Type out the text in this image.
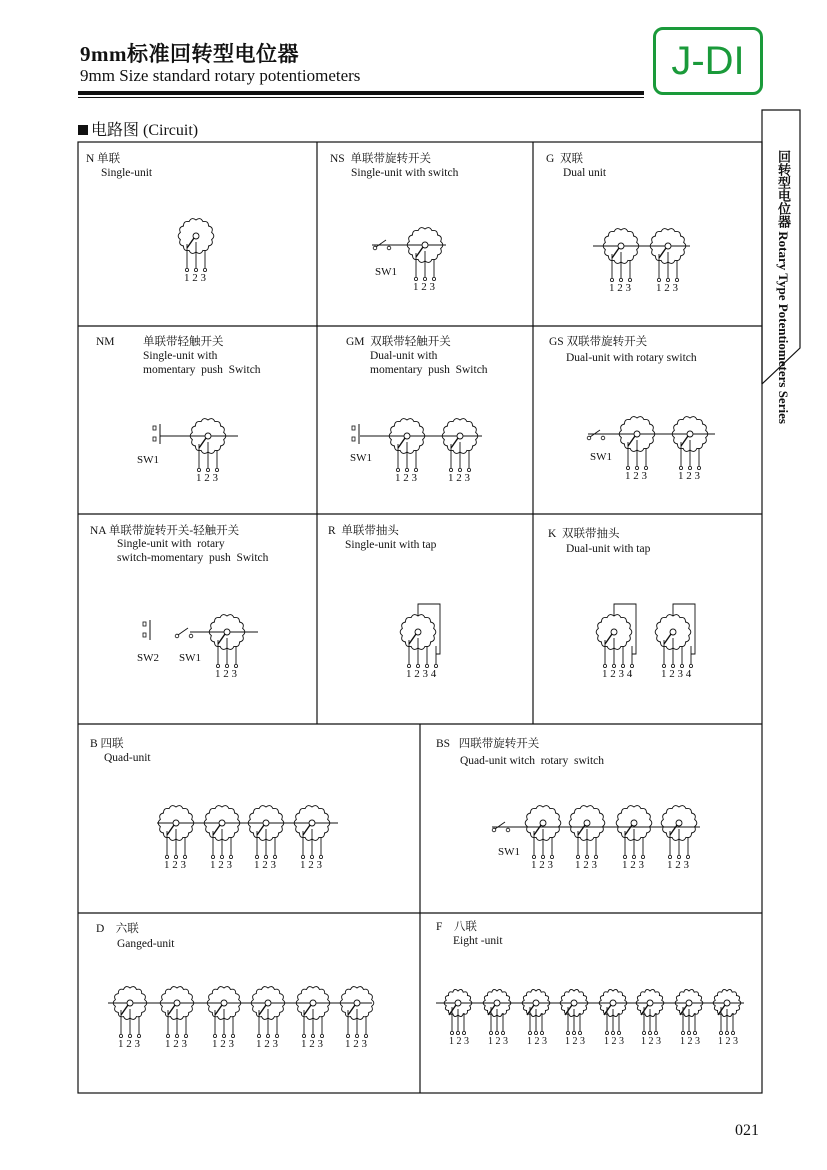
9mm标准回转型电位器
9mm Size standard rotary potentiometers	J-DI
电路图 (Circuit)
1 2 3	SW1
1 2 3	1 2 3 1 2 3
1 2 3
SW1
1 2 3	1 2 3
SW1	SW1
1 2 3	1 2 3
1 2 3
SW2 SW1
1 2 3 4	1 2 3 4	1 2 3 4
1 2 3 1 2 3 1 2 3 1 2 3
SW1
1 2 3 1 2 3 1 2 3 1 2 3
1 2 3 1 2 3 1 2 3 1 2 3 1 2 3 1 2 3	1 2 3 1 2 3 1 2 3 1 2 3 1 2 3 1 2 3 1 2 3 1 2 3
回转型电位器 Rotary Type Potentiometers Series
N 单联
Single-unit
NS  单联带旋转开关
Single-unit with switch
G  双联
Dual unit
NM 单联带轻触开关
Single-unit with
momentary  push  Switch
GM  双联带轻触开关
Dual-unit with
momentary  push  Switch
GS 双联带旋转开关
Dual-unit with rotary switch
NA 单联带旋转开关-轻触开关
Single-unit with  rotary
switch-momentary  push  Switch
R  单联带抽头
Single-unit with tap
K  双联带抽头
Dual-unit with tap
B 四联
Quad-unit
BS   四联带旋转开关
Quad-unit witch  rotary  switch
D    六联
Ganged-unit
F    八联
Eight -unit
021
